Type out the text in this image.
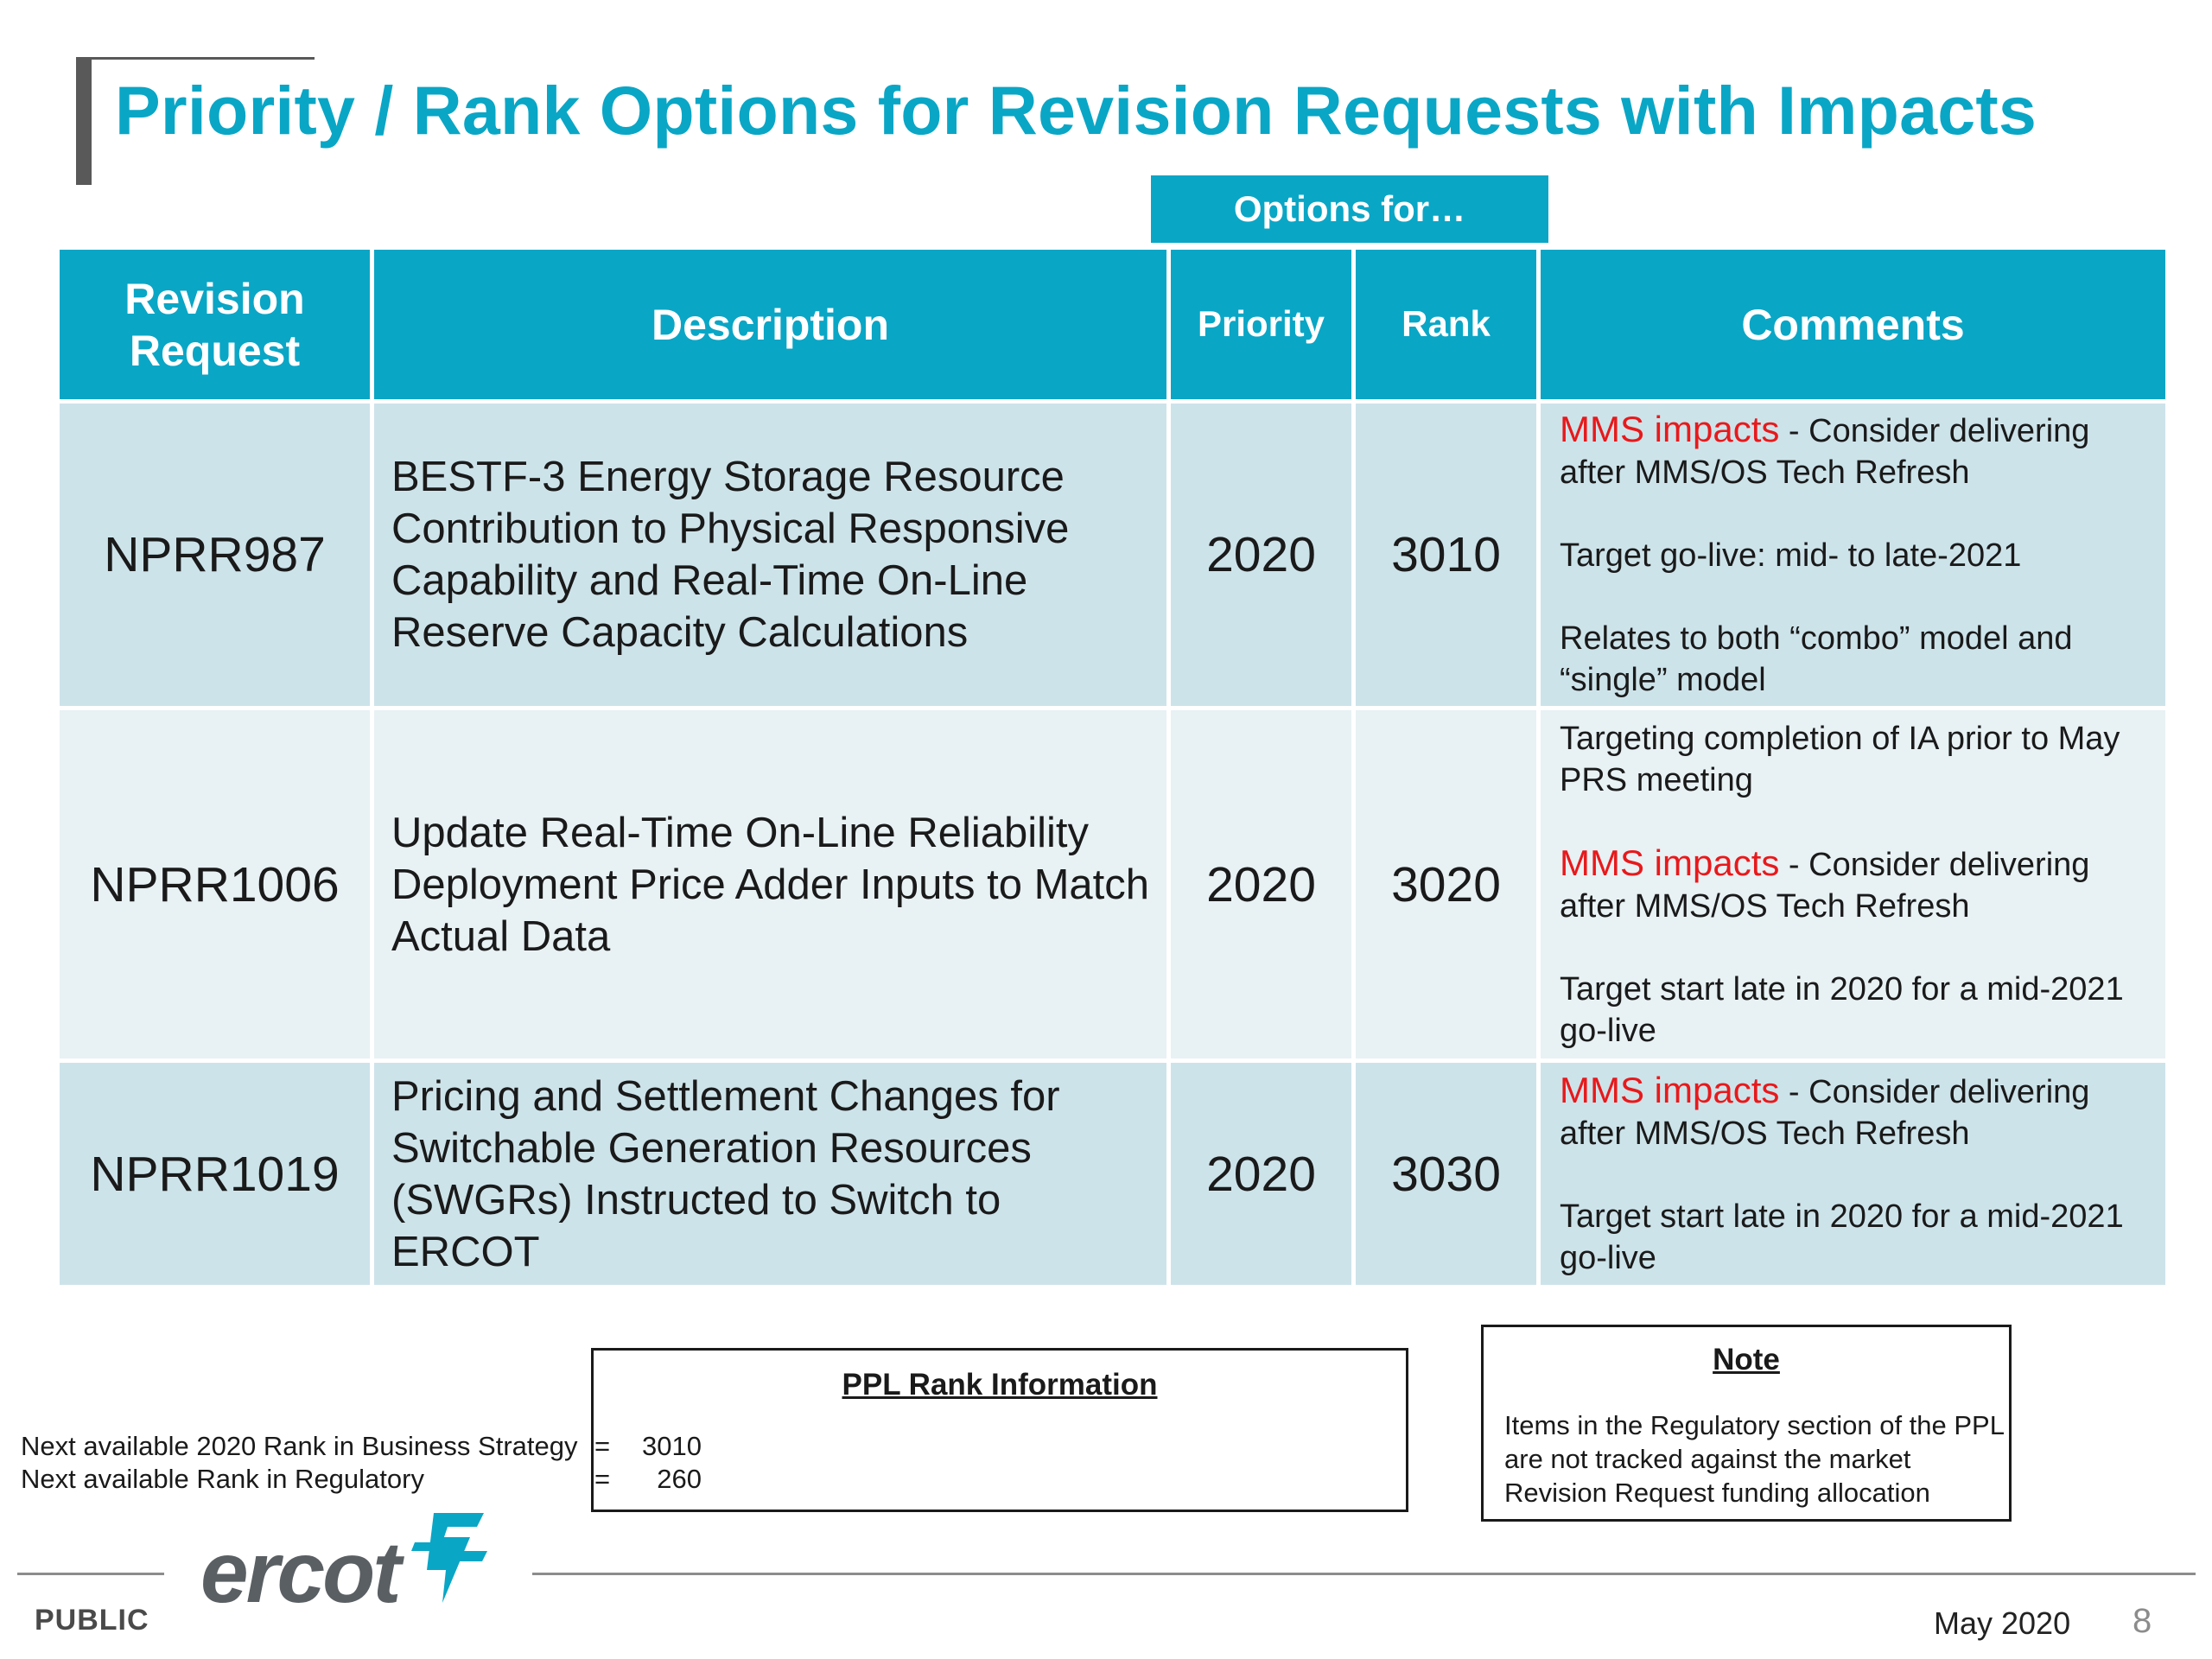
Priority / Rank Options for Revision Requests with Impacts
Options for…
Revision Request	Description	Priority	Rank	Comments
NPRR987	BESTF-3 Energy Storage Resource Contribution to Physical Responsive Capability and Real-Time On-Line Reserve Capacity Calculations	2020	3010	MMS impacts - Consider delivering after MMS/OS Tech Refresh
Target go-live: mid- to late-2021
Relates to both “combo” model and “single” model

NPRR1006	Update Real-Time On-Line Reliability Deployment Price Adder Inputs to Match Actual Data	2020	3020	Targeting completion of IA prior to May PRS meeting
MMS impacts - Consider delivering after MMS/OS Tech Refresh
Target start late in 2020 for a mid-2021 go-live

NPRR1019	Pricing and Settlement Changes for Switchable Generation Resources (SWGRs) Instructed to Switch to ERCOT	2020	3030	MMS impacts - Consider delivering after MMS/OS Tech Refresh
Target start late in 2020 for a mid-2021 go-live
PPL Rank Information
Next available 2020 Rank in Business Strategy = 3010
Next available Rank in Regulatory	= 260
Note
Items in the Regulatory section of the PPL are not tracked against the market Revision Request funding allocation
ercot
PUBLIC	May 2020 8
